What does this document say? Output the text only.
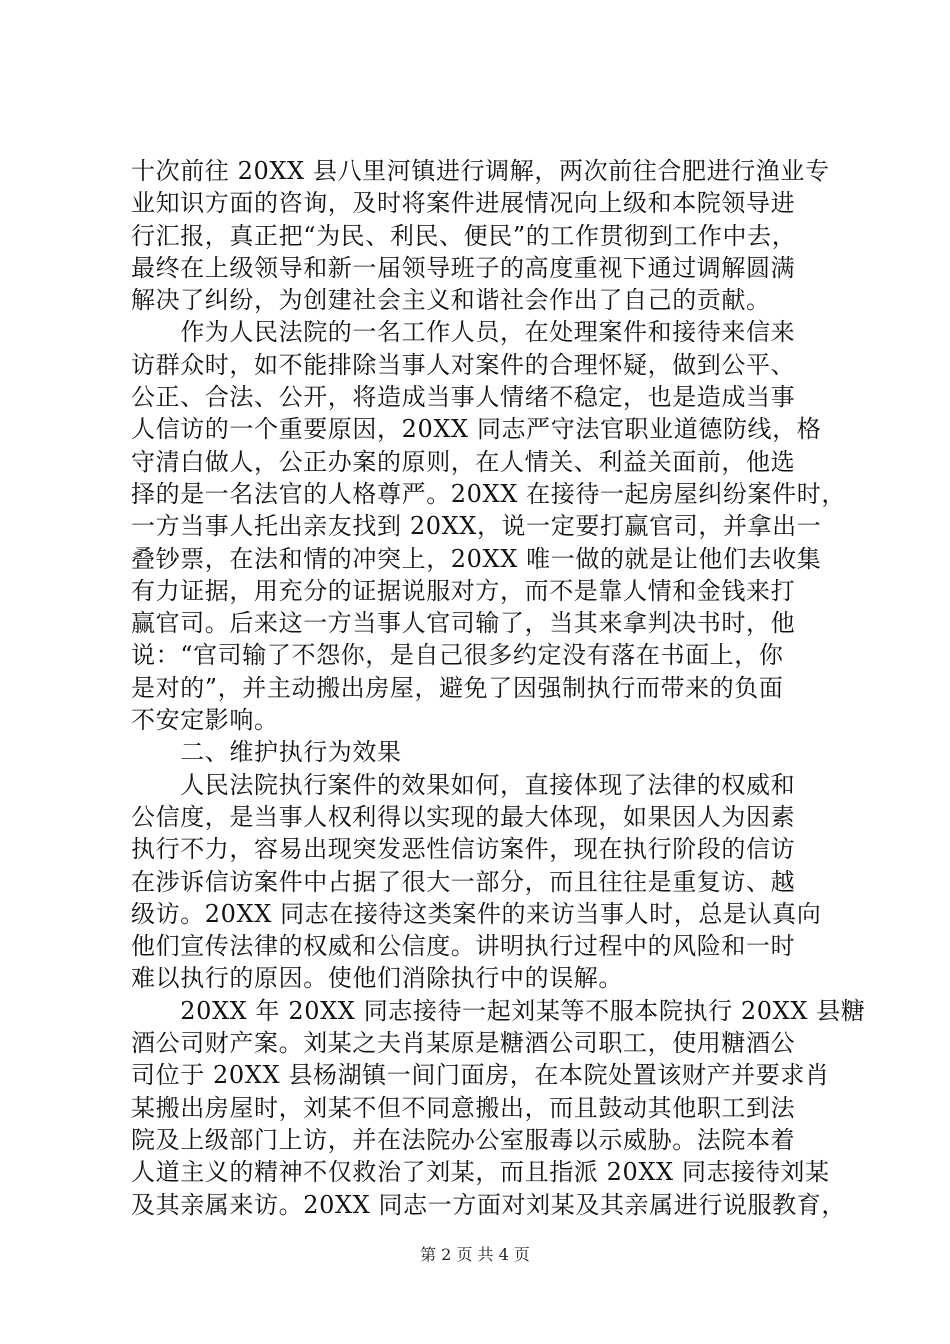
十次前往 20XX 县八里河镇进行调解，两次前往合肥进行渔业专
业知识方面的咨询，及时将案件进展情况向上级和本院领导进
行汇报，真正把“为民、利民、便民”的工作贯彻到工作中去，
最终在上级领导和新一届领导班子的高度重视下通过调解圆满
解决了纠纷，为创建社会主义和谐社会作出了自己的贡献。
　　作为人民法院的一名工作人员，在处理案件和接待来信来
访群众时，如不能排除当事人对案件的合理怀疑，做到公平、
公正、合法、公开，将造成当事人情绪不稳定，也是造成当事
人信访的一个重要原因，20XX 同志严守法官职业道德防线，格
守清白做人，公正办案的原则，在人情关、利益关面前，他选
择的是一名法官的人格尊严。20XX 在接待一起房屋纠纷案件时，
一方当事人托出亲友找到 20XX，说一定要打赢官司，并拿出一
叠钞票，在法和情的冲突上，20XX 唯一做的就是让他们去收集
有力证据，用充分的证据说服对方，而不是靠人情和金钱来打
赢官司。后来这一方当事人官司输了，当其来拿判决书时，他
说：“官司输了不怨你，是自己很多约定没有落在书面上，你
是对的”，并主动搬出房屋，避免了因强制执行而带来的负面
不安定影响。
　　二、维护执行为效果
　　人民法院执行案件的效果如何，直接体现了法律的权威和
公信度，是当事人权利得以实现的最大体现，如果因人为因素
执行不力，容易出现突发恶性信访案件，现在执行阶段的信访
在涉诉信访案件中占据了很大一部分，而且往往是重复访、越
级访。20XX 同志在接待这类案件的来访当事人时，总是认真向
他们宣传法律的权威和公信度。讲明执行过程中的风险和一时
难以执行的原因。使他们消除执行中的误解。
　　20XX 年 20XX 同志接待一起刘某等不服本院执行 20XX 县糖
酒公司财产案。刘某之夫肖某原是糖酒公司职工，使用糖酒公
司位于 20XX 县杨湖镇一间门面房，在本院处置该财产并要求肖
某搬出房屋时，刘某不但不同意搬出，而且鼓动其他职工到法
院及上级部门上访，并在法院办公室服毒以示威胁。法院本着
人道主义的精神不仅救治了刘某，而且指派 20XX 同志接待刘某
及其亲属来访。20XX 同志一方面对刘某及其亲属进行说服教育，
第 2 页 共 4 页
